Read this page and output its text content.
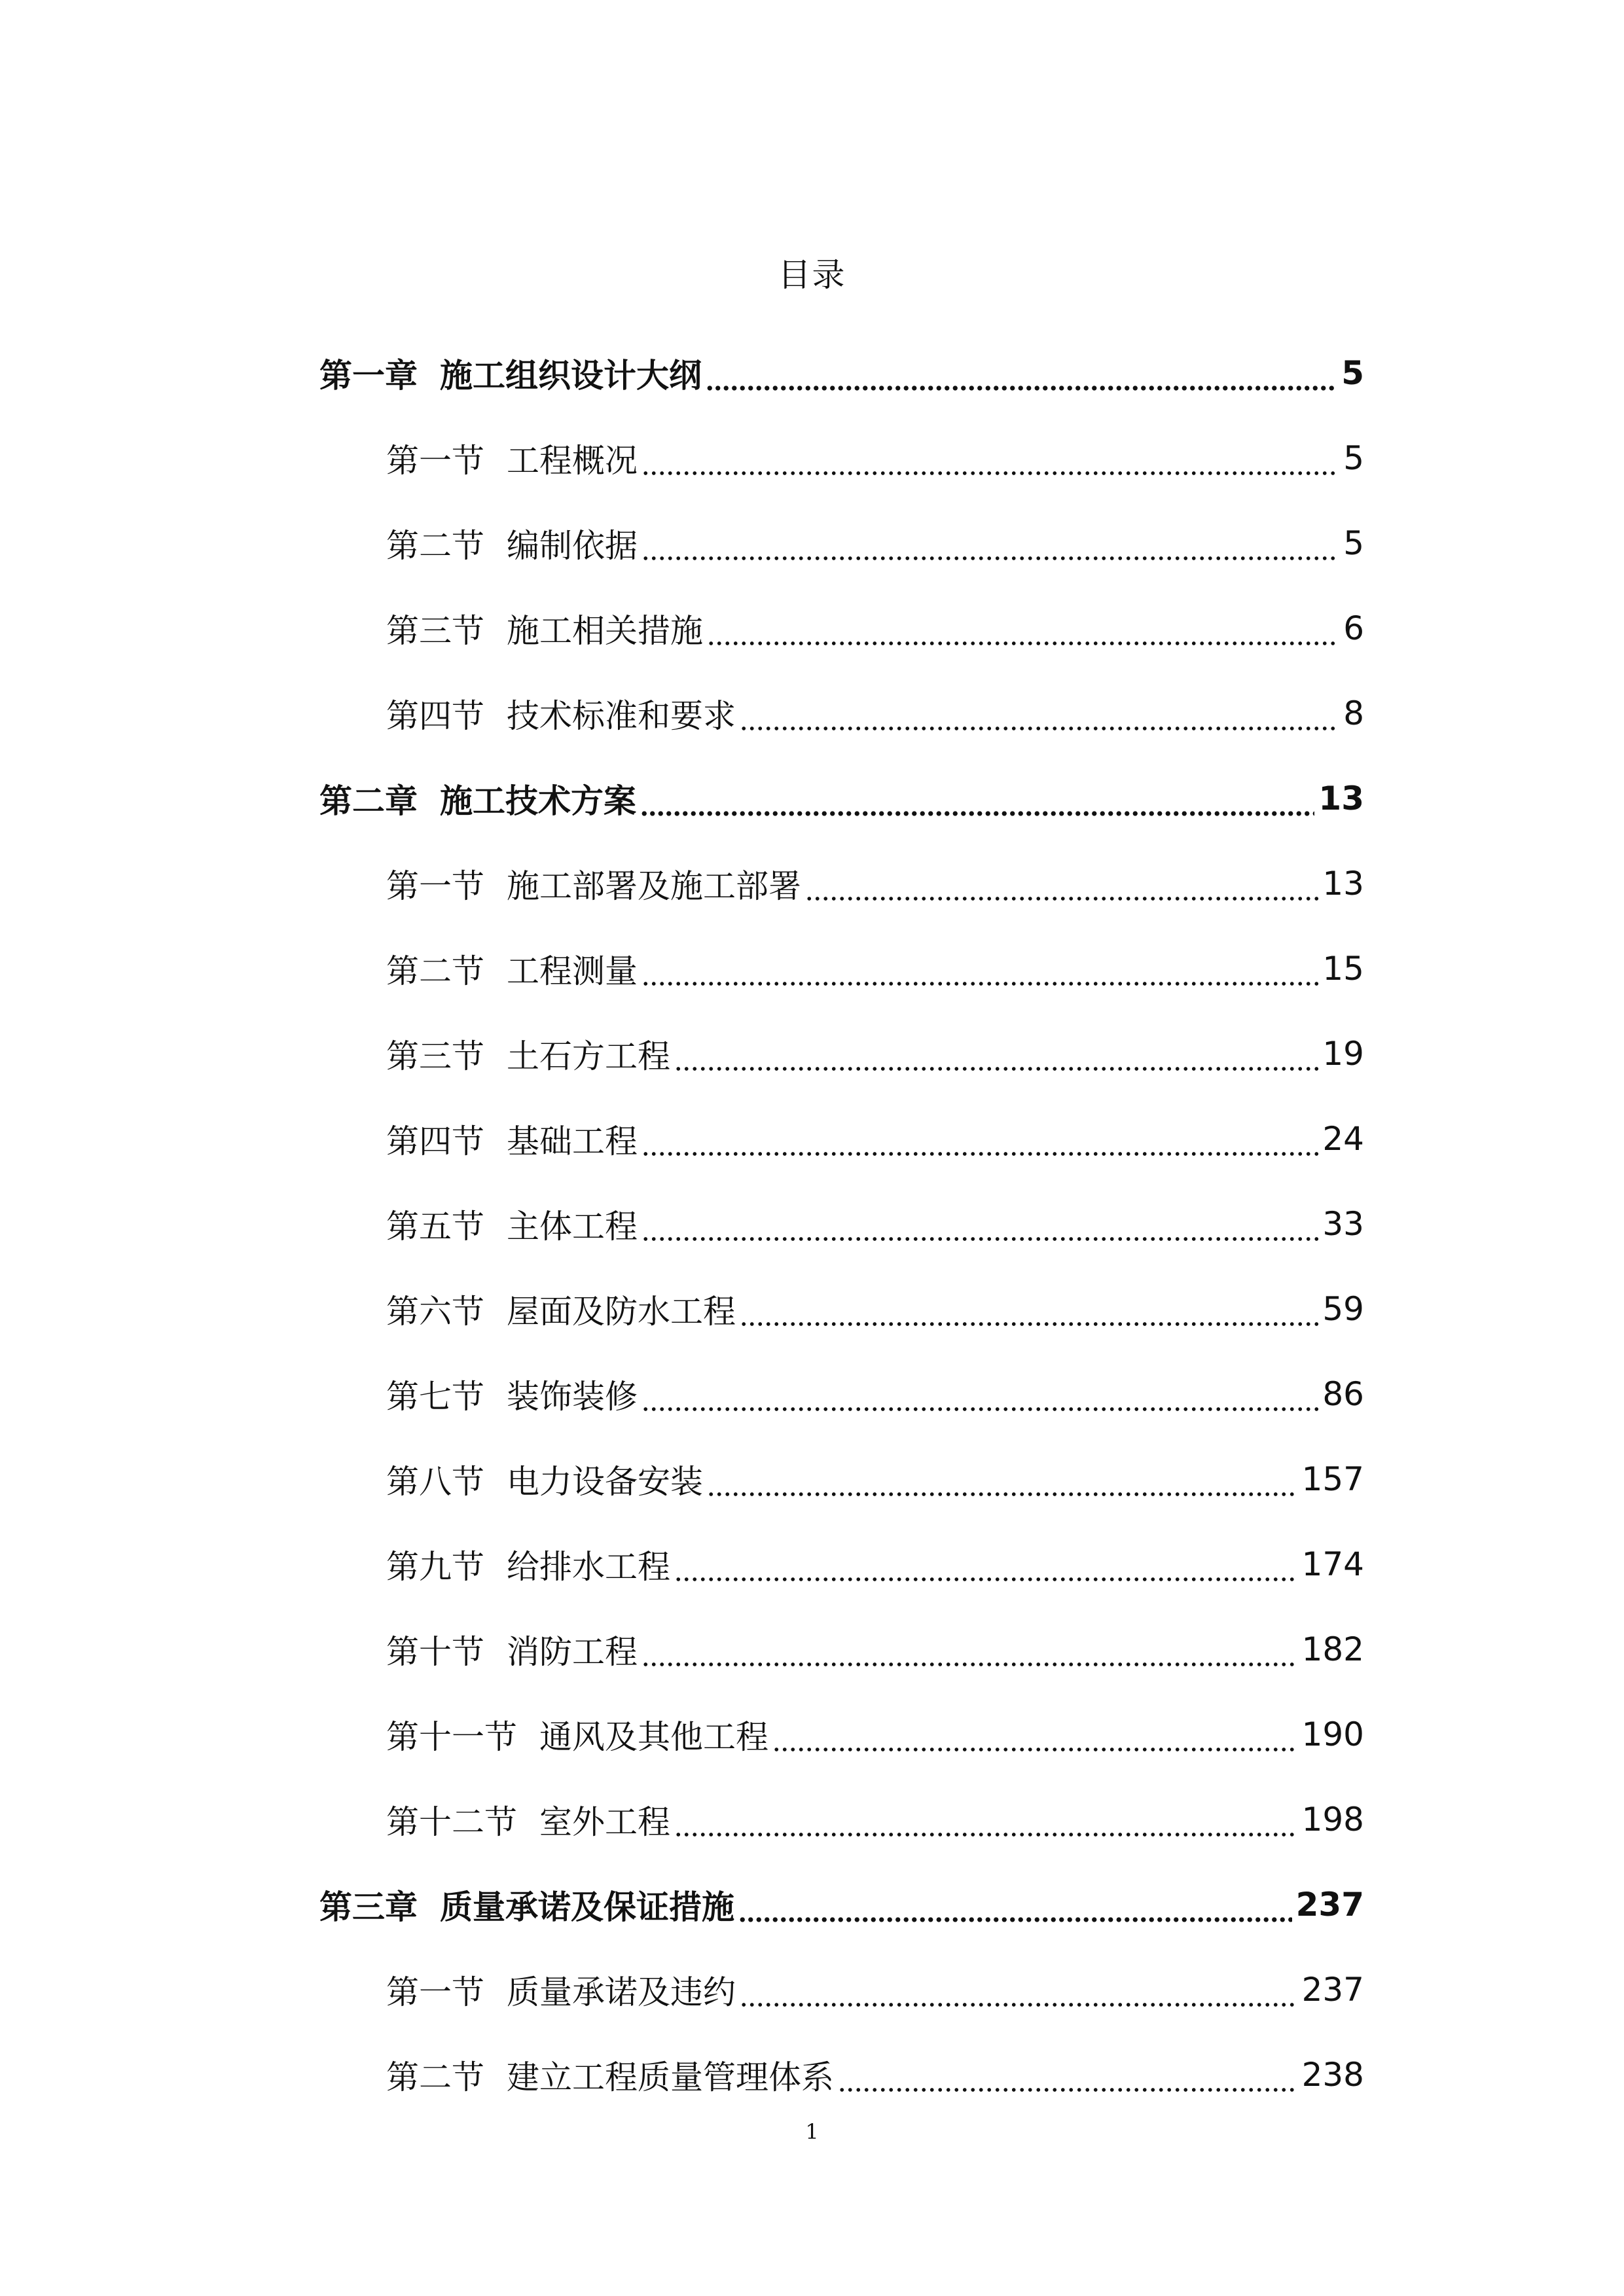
目录
第一章 施工组织设计大纲	5
第一节 工程概况	5
第二节 编制依据	5
第三节 施工相关措施	6
第四节 技术标准和要求	8
第二章 施工技术方案	13
第一节 施工部署及施工部署	13
第二节 工程测量	15
第三节 土石方工程	19
第四节 基础工程	24
第五节 主体工程	33
第六节 屋面及防水工程	59
第七节 装饰装修	86
第八节 电力设备安装	157
第九节 给排水工程	174
第十节 消防工程	182
第十一节 通风及其他工程	190
第十二节 室外工程	198
第三章 质量承诺及保证措施	237
第一节 质量承诺及违约	237
第二节 建立工程质量管理体系	238
1
